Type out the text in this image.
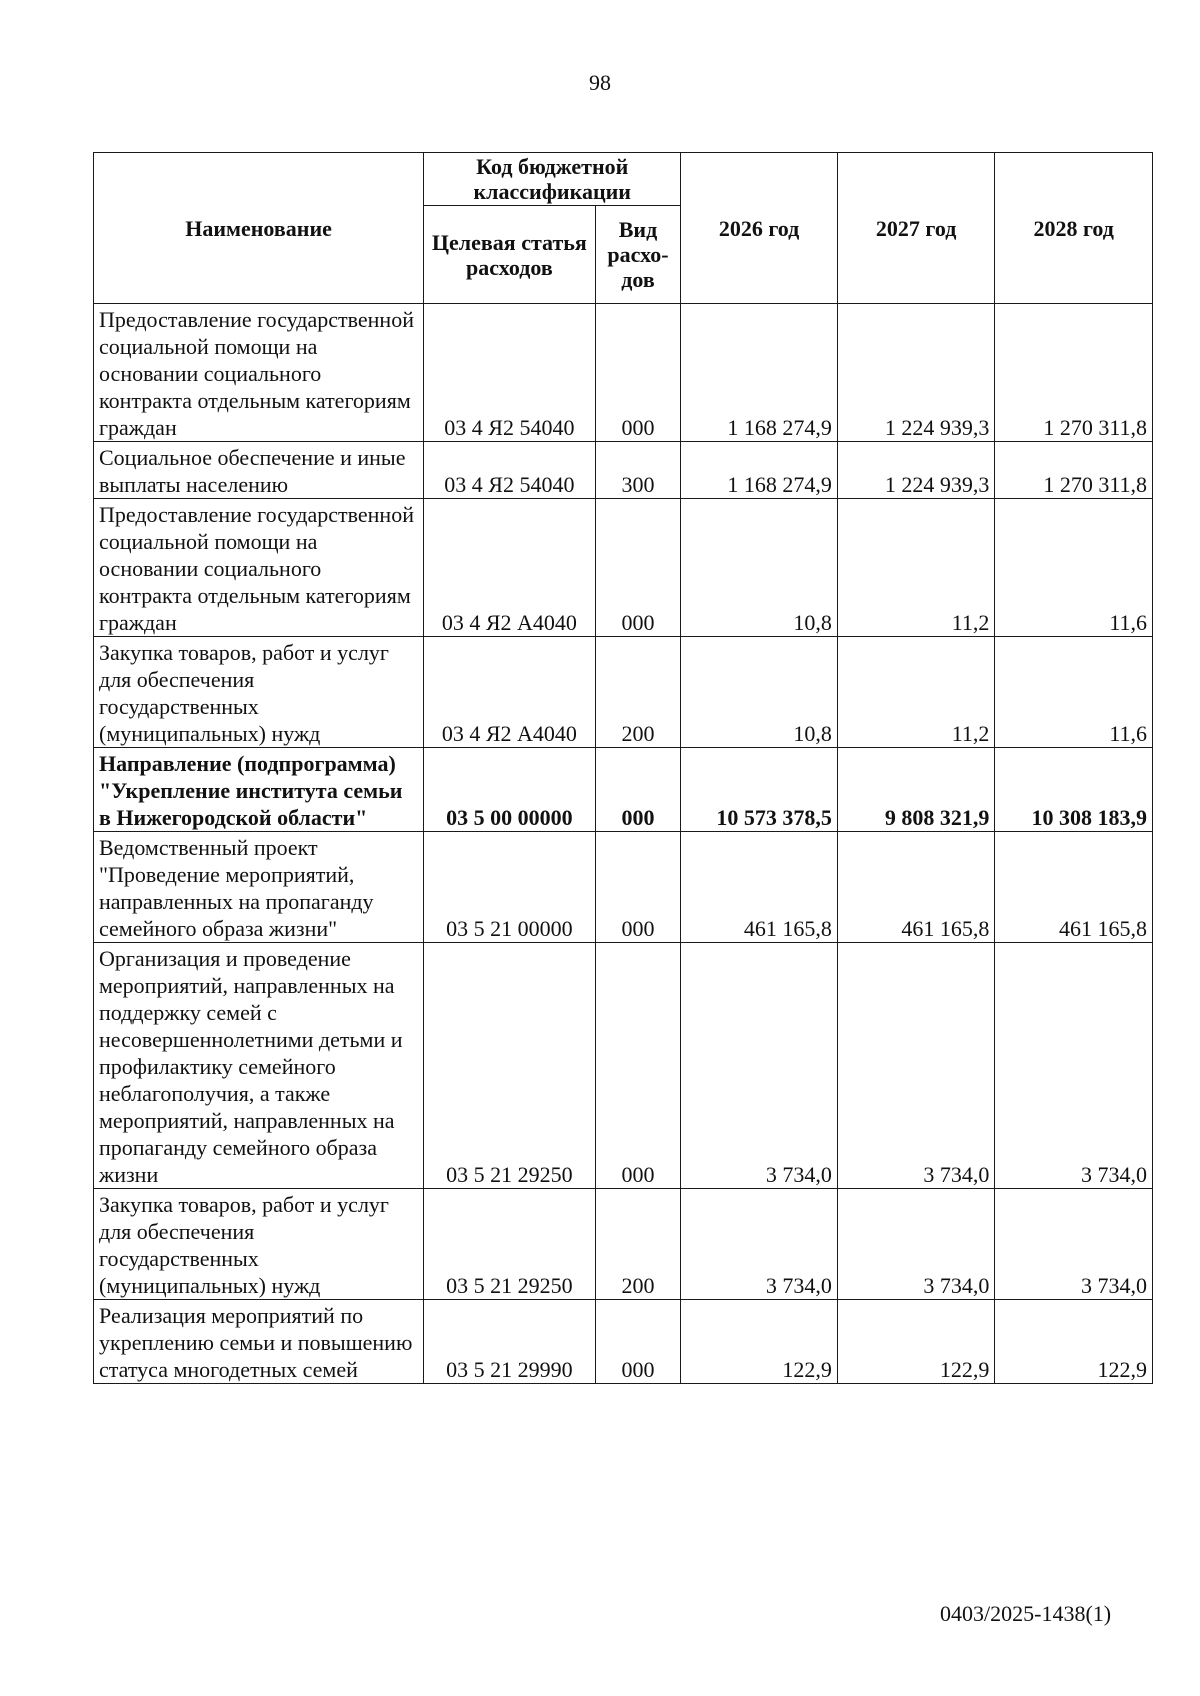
98
Наименование	Код бюджетной классификации		2026 год	2027 год	2028 год
	Целевая статья расходов	Вид расхо-дов			
Предоставление государственной социальной помощи на основании социального контракта отдельным категориям граждан	03 4 Я2 54040	000	1 168 274,9	1 224 939,3	1 270 311,8
Социальное обеспечение и иные выплаты населению	03 4 Я2 54040	300	1 168 274,9	1 224 939,3	1 270 311,8
Предоставление государственной социальной помощи на основании социального контракта отдельным категориям граждан	03 4 Я2 А4040	000	10,8	11,2	11,6
Закупка товаров, работ и услуг для обеспечения государственных (муниципальных) нужд	03 4 Я2 А4040	200	10,8	11,2	11,6
Направление (подпрограмма) "Укрепление института семьи в Нижегородской области"	03 5 00 00000	000	10 573 378,5	9 808 321,9	10 308 183,9
Ведомственный проект "Проведение мероприятий, направленных на пропаганду семейного образа жизни"	03 5 21 00000	000	461 165,8	461 165,8	461 165,8
Организация и проведение мероприятий, направленных на поддержку семей с несовершеннолетними детьми и профилактику семейного неблагополучия, а также мероприятий, направленных на пропаганду семейного образа жизни	03 5 21 29250	000	3 734,0	3 734,0	3 734,0
Закупка товаров, работ и услуг для обеспечения государственных (муниципальных) нужд	03 5 21 29250	200	3 734,0	3 734,0	3 734,0
Реализация мероприятий по укреплению семьи и повышению статуса многодетных семей	03 5 21 29990	000	122,9	122,9	122,9
0403/2025-1438(1)
